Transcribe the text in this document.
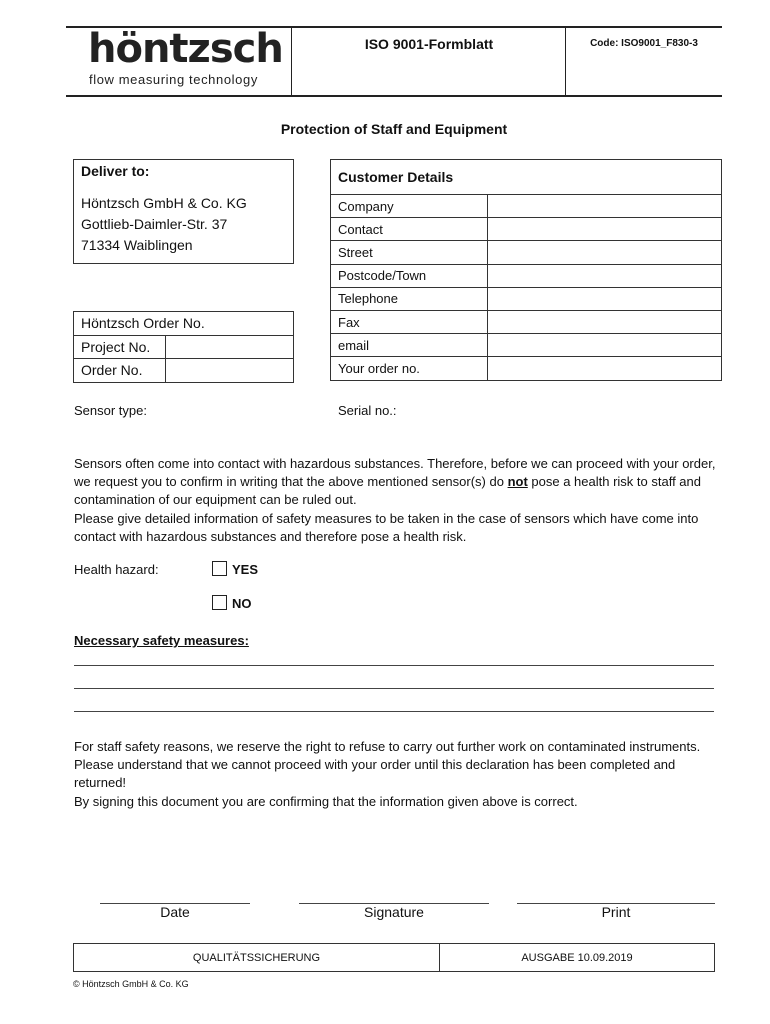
höntzsch
flow measuring technology
ISO 9001-Formblatt	Code: ISO9001_F830-3
Protection of Staff and Equipment
Deliver to:
Höntzsch GmbH & Co. KG
Gottlieb-Daimler-Str. 37
71334 Waiblingen
Höntzsch Order No.	
Project No.	
Order No.	
Customer Details	
Company	
Contact	
Street	
Postcode/Town	
Telephone	
Fax	
email	
Your order no.	
Sensor type:	Serial no.:

Sensors often come into contact with hazardous substances. Therefore, before we can proceed with your order, we request you to confirm in writing that the above mentioned sensor(s) do not pose a health risk to staff and contamination of our equipment can be ruled out.

Please give detailed information of safety measures to be taken in the case of sensors which have come into contact with hazardous substances and therefore pose a health risk.

Health hazard:	YES
NO
Necessary safety measures:

For staff safety reasons, we reserve the right to refuse to carry out further work on contaminated instruments.

Please understand that we cannot proceed with your order until this declaration has been completed and returned!

By signing this document you are confirming that the information given above is correct.

Date	Signature	Print
QUALITÄTSSICHERUNG	AUSGABE 10.09.2019
© Höntzsch GmbH & Co. KG
